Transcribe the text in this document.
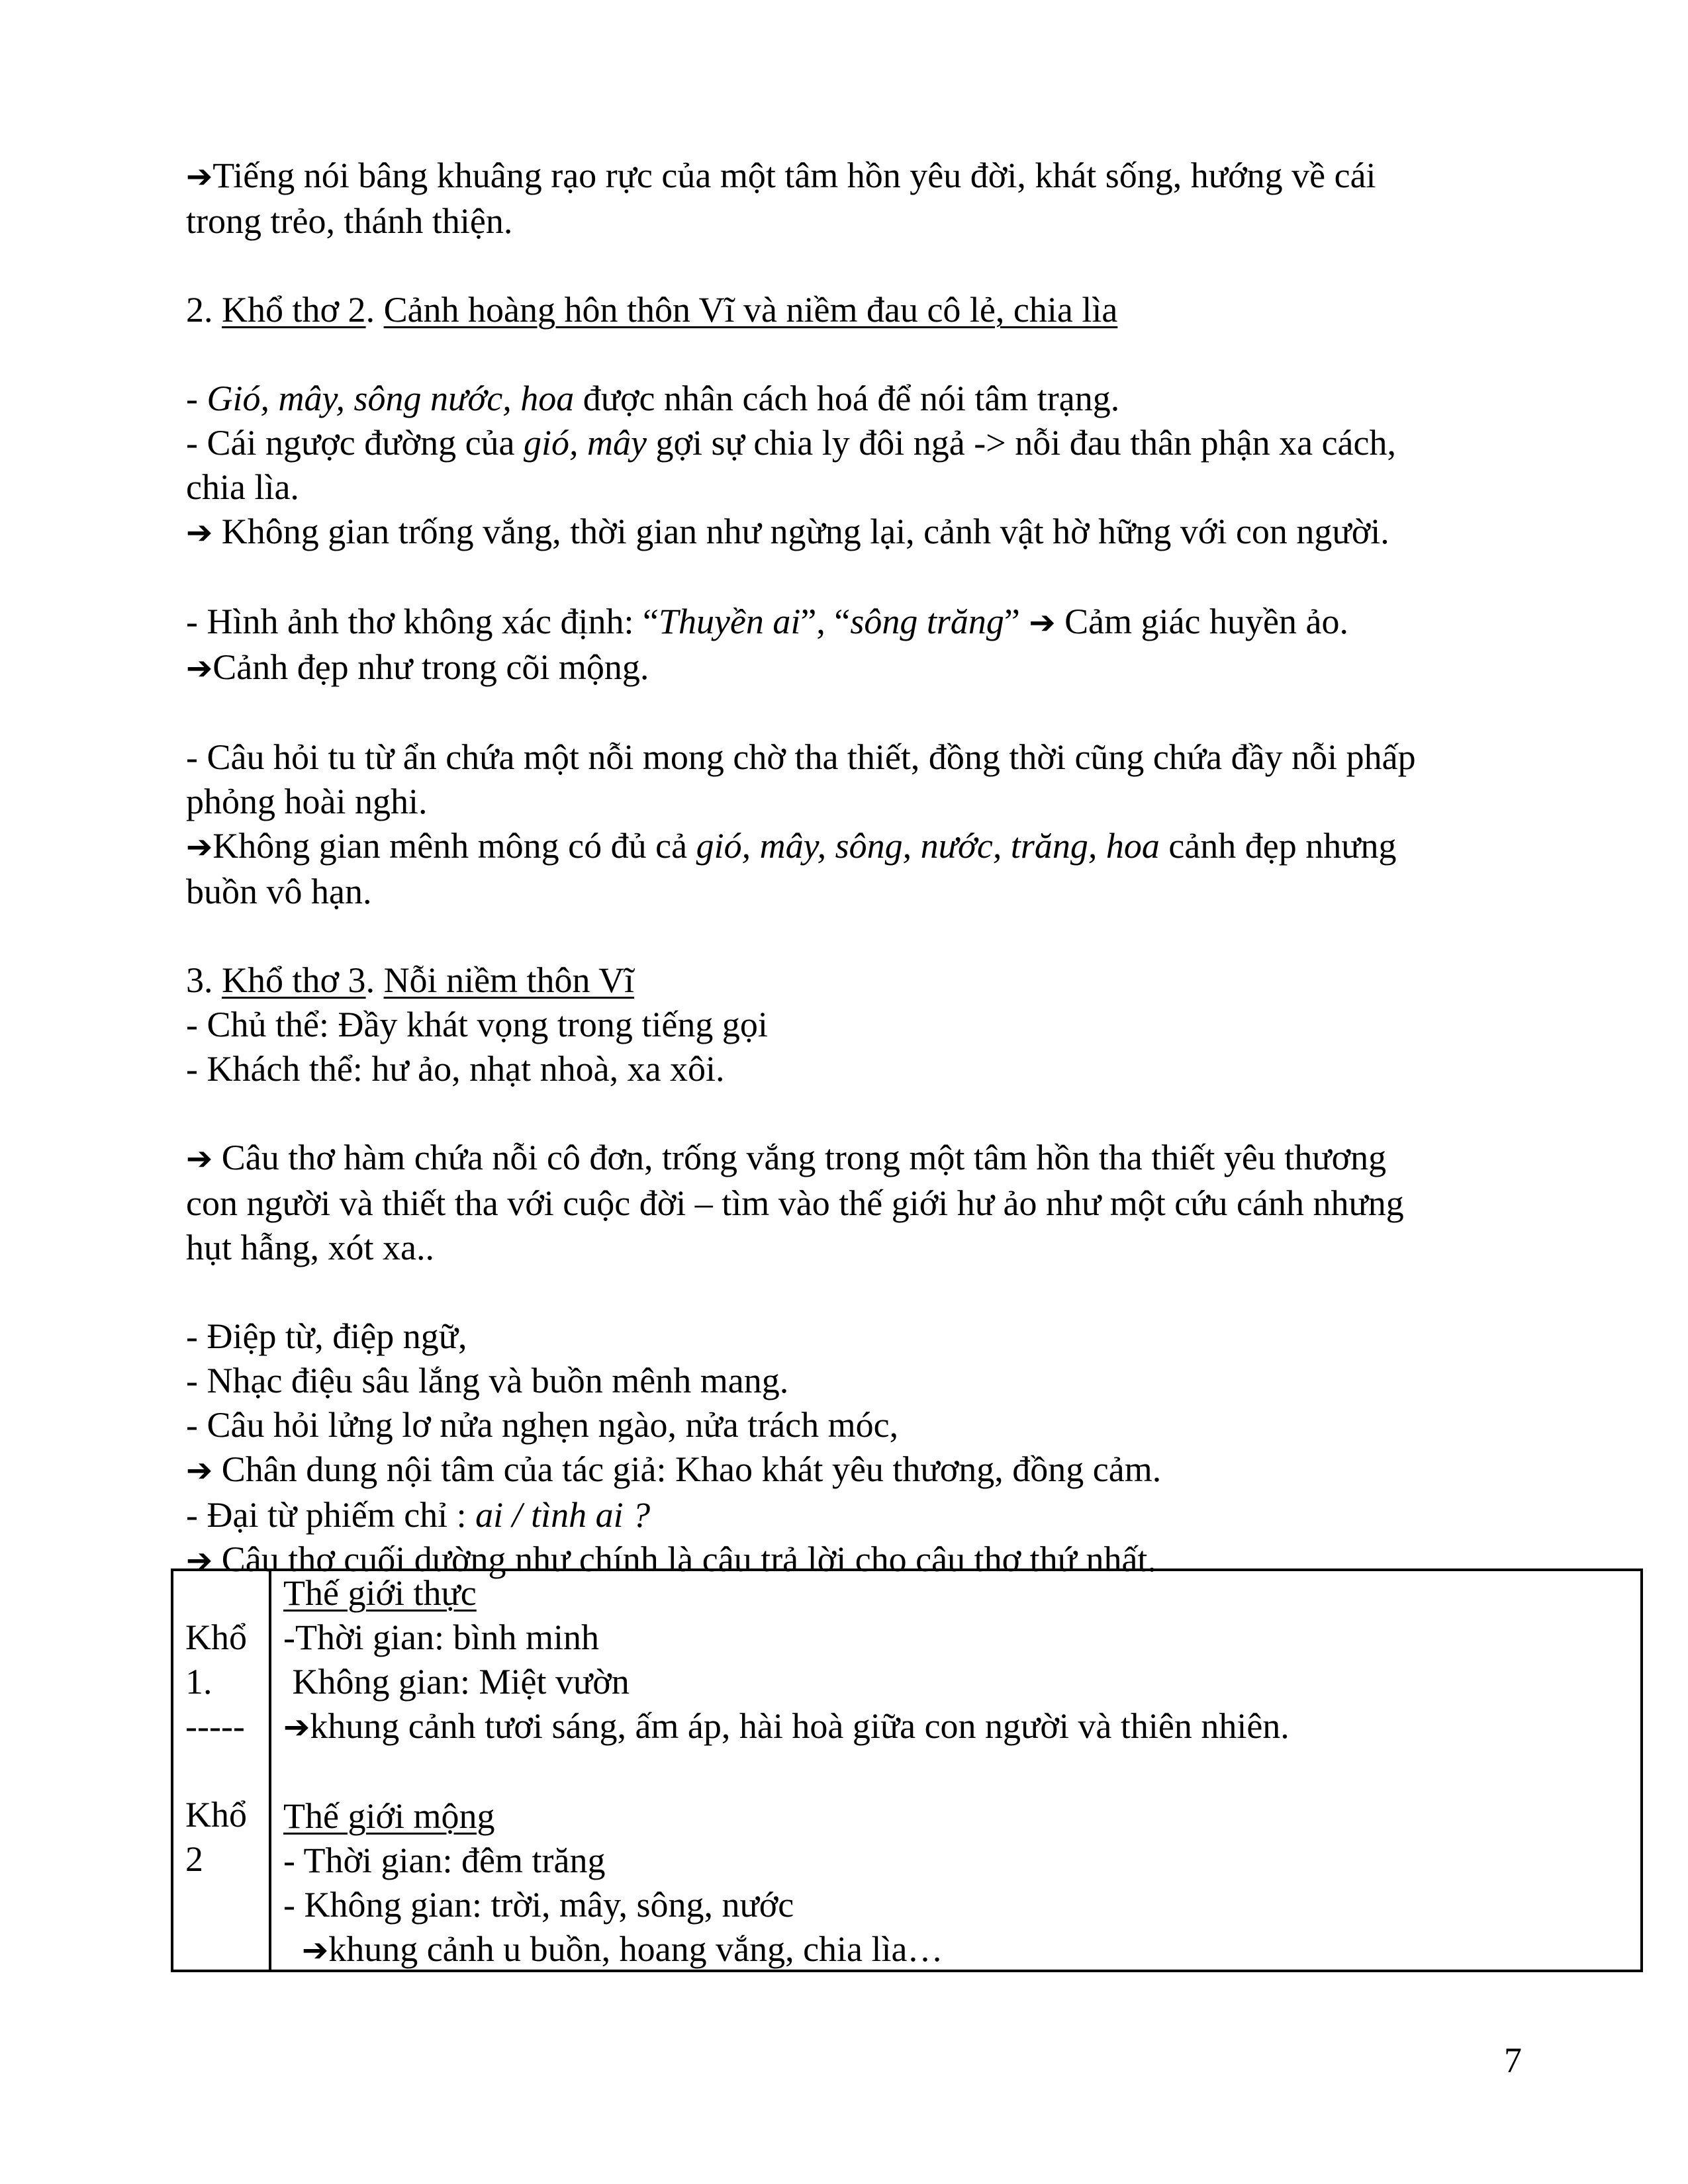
➔Tiếng nói bâng khuâng rạo rực của một tâm hồn yêu đời, khát sống, hướng về cái
trong trẻo, thánh thiện.

2. Khổ thơ 2. Cảnh hoàng hôn thôn Vĩ và niềm đau cô lẻ, chia lìa

- Gió, mây, sông nước, hoa được nhân cách hoá để nói tâm trạng.

- Cái ngược đường của gió, mây gợi sự chia ly đôi ngả -> nỗi đau thân phận xa cách,
chia lìa.

➔ Không gian trống vắng, thời gian như ngừng lại, cảnh vật hờ hững với con người.

- Hình ảnh thơ không xác định: “Thuyền ai”, “sông trăng” ➔ Cảm giác huyền ảo.

➔Cảnh đẹp như trong cõi mộng.

- Câu hỏi tu từ ẩn chứa một nỗi mong chờ tha thiết, đồng thời cũng chứa đầy nỗi phấp
phỏng hoài nghi.

➔Không gian mênh mông có đủ cả gió, mây, sông, nước, trăng, hoa cảnh đẹp nhưng
buồn vô hạn.

3. Khổ thơ 3. Nỗi niềm thôn Vĩ

- Chủ thể: Đầy khát vọng trong tiếng gọi

- Khách thể: hư ảo, nhạt nhoà, xa xôi.

➔ Câu thơ hàm chứa nỗi cô đơn, trống vắng trong một tâm hồn tha thiết yêu thương
con người và thiết tha với cuộc đời – tìm vào thế giới hư ảo như một cứu cánh nhưng
hụt hẫng, xót xa..

- Điệp từ, điệp ngữ,

- Nhạc điệu sâu lắng và buồn mênh mang.

- Câu hỏi lửng lơ nửa nghẹn ngào, nửa trách móc,

➔ Chân dung nội tâm của tác giả: Khao khát yêu thương, đồng cảm.

- Đại từ phiếm chỉ : ai / tình ai ?

➔ Câu thơ cuối dường như chính là câu trả lời cho câu thơ thứ nhất.

Khổ
1.
-----
Khổ
2
Thế giới thực
-Thời gian: bình minh
Không gian: Miệt vườn
➔khung cảnh tươi sáng, ấm áp, hài hoà giữa con người và thiên nhiên.
Thế giới mộng
- Thời gian: đêm trăng
- Không gian: trời, mây, sông, nước
➔khung cảnh u buồn, hoang vắng, chia lìa…
7
